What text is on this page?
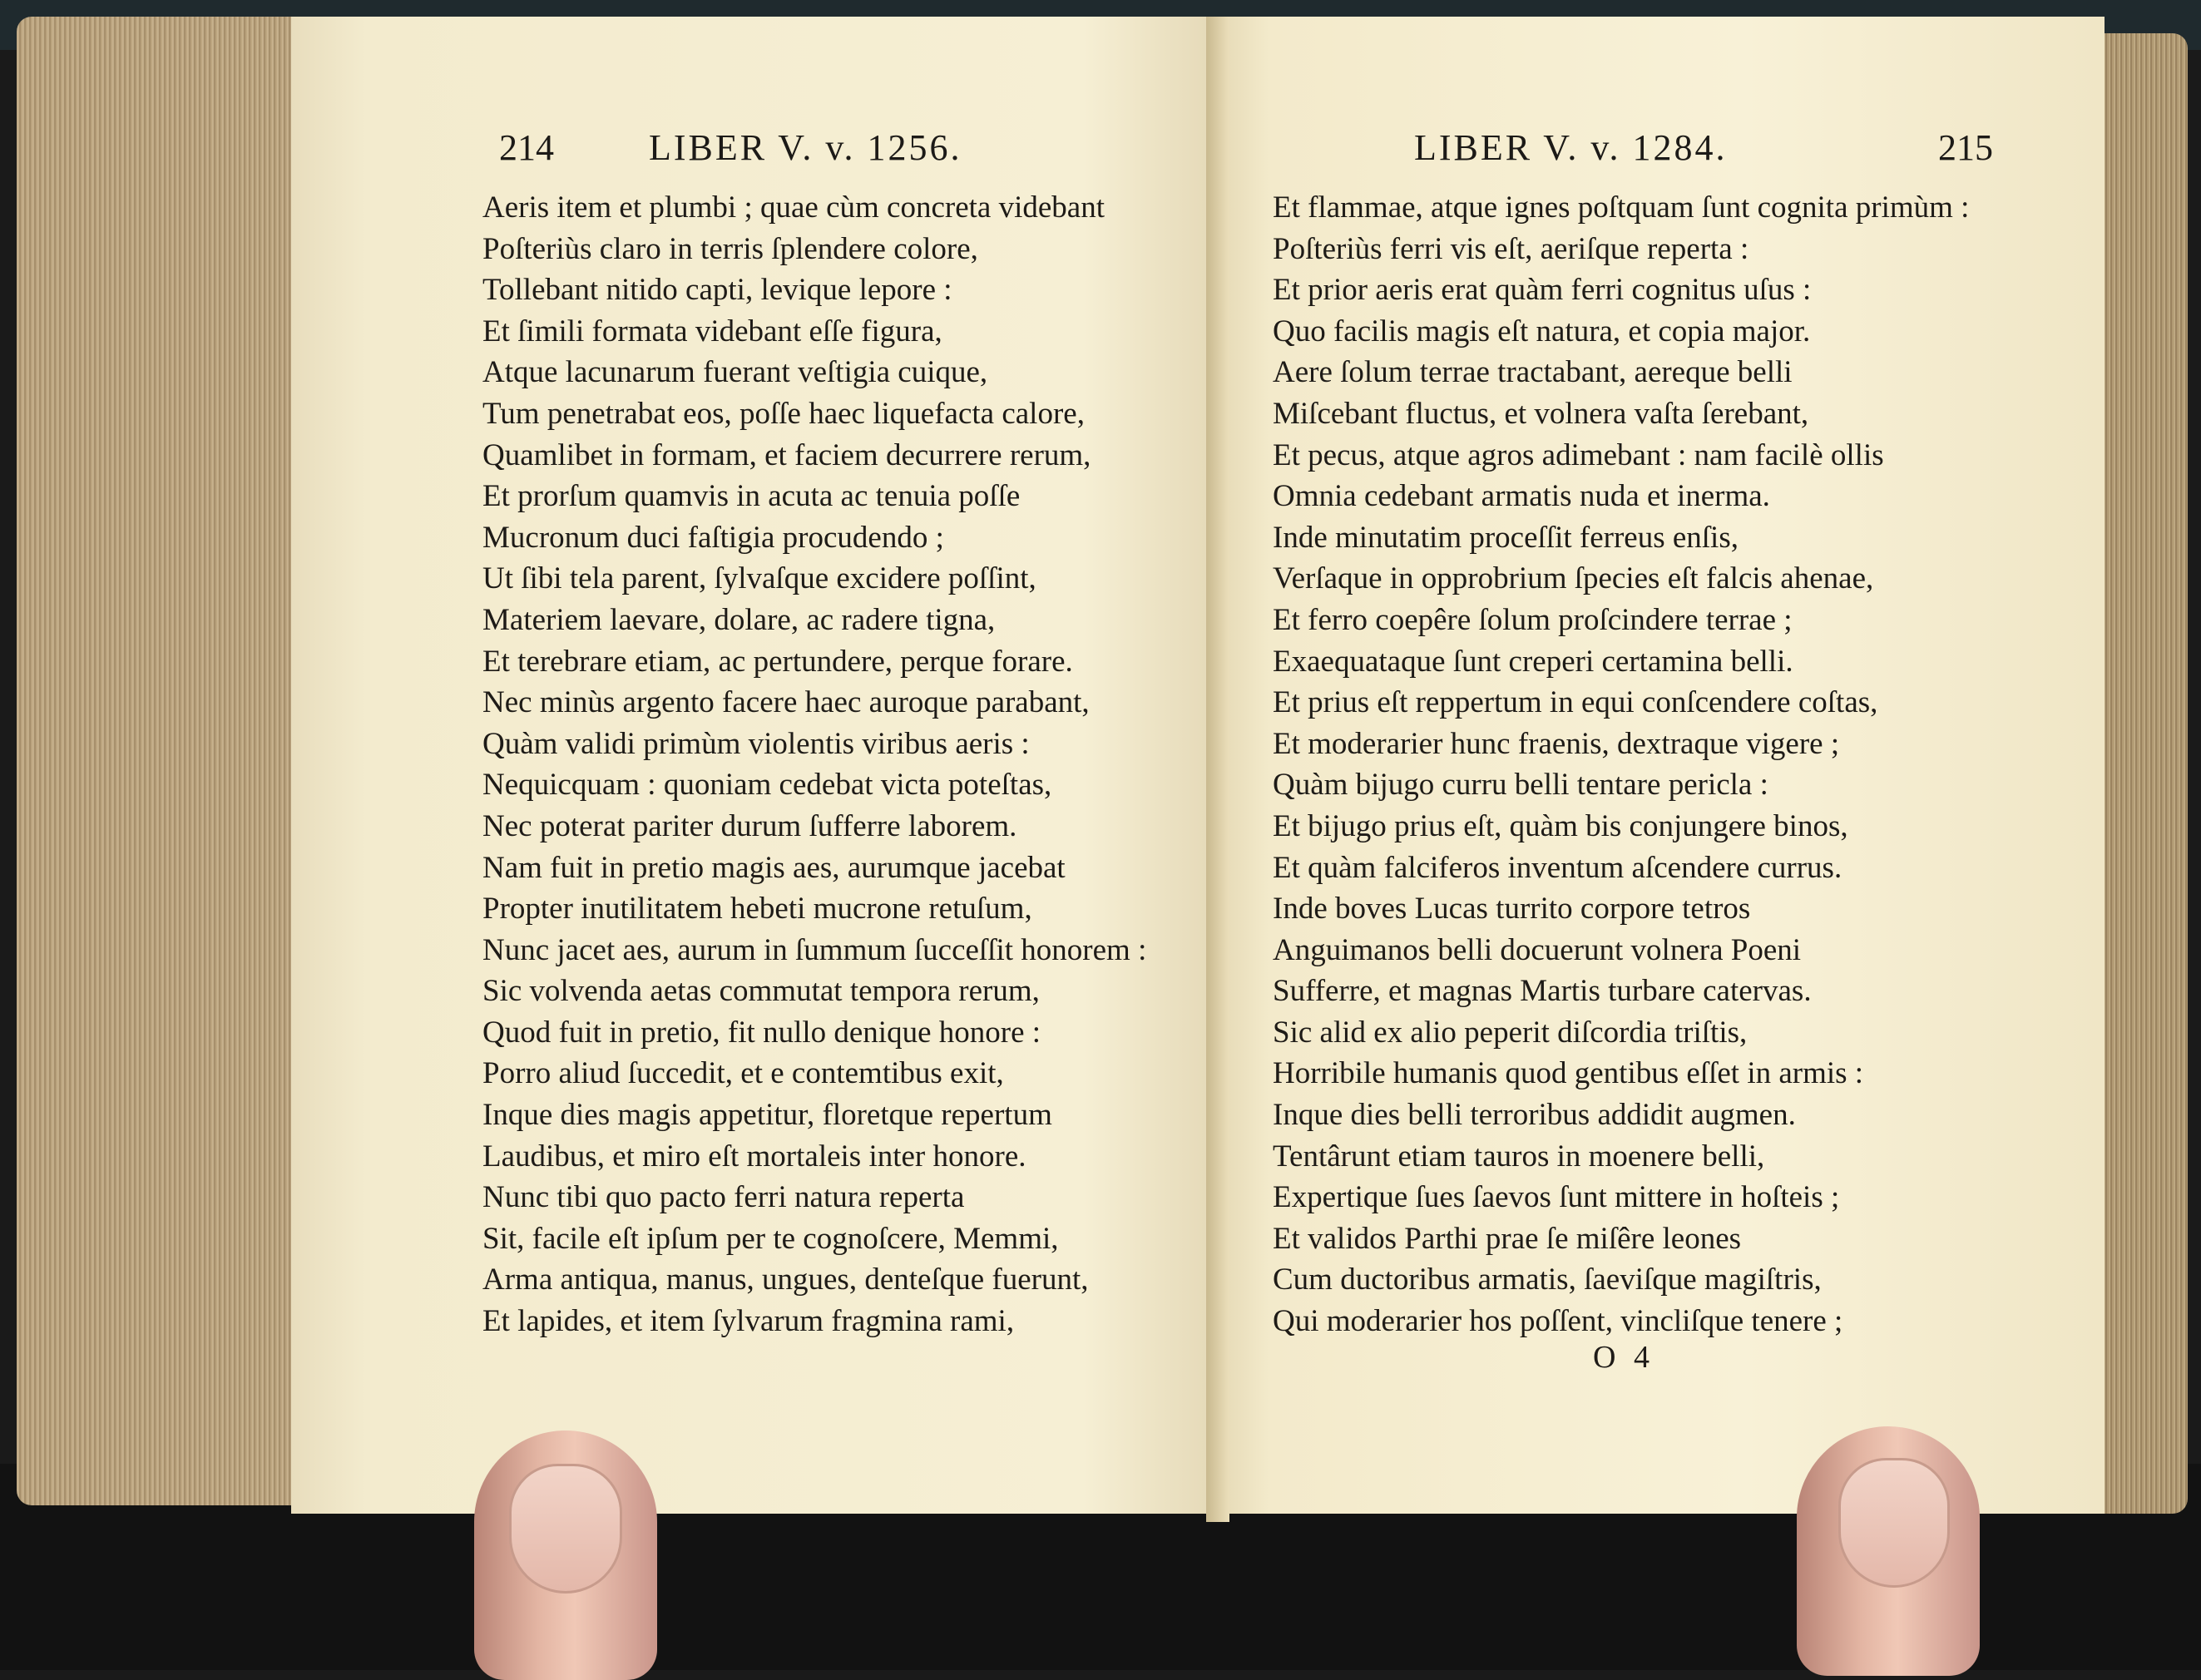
214	LIBER V. v. 1256.
Aeris item et plumbi ; quae cùm concreta videbant
Poſteriùs claro in terris ſplendere colore,
Tollebant nitido capti, levique lepore :
Et ſimili formata videbant eſſe figura,
Atque lacunarum fuerant veſtigia cuique,
Tum penetrabat eos, poſſe haec liquefacta calore,
Quamlibet in formam, et faciem decurrere rerum,
Et prorſum quamvis in acuta ac tenuia poſſe
Mucronum duci faſtigia procudendo ;
Ut ſibi tela parent, ſylvaſque excidere poſſint,
Materiem laevare, dolare, ac radere tigna,
Et terebrare etiam, ac pertundere, perque forare.
Nec minùs argento facere haec auroque parabant,
Quàm validi primùm violentis viribus aeris :
Nequicquam : quoniam cedebat victa poteſtas,
Nec poterat pariter durum ſufferre laborem.
Nam fuit in pretio magis aes, aurumque jacebat
Propter inutilitatem hebeti mucrone retuſum,
Nunc jacet aes, aurum in ſummum ſucceſſit honorem :
Sic volvenda aetas commutat tempora rerum,
Quod fuit in pretio, fit nullo denique honore :
Porro aliud ſuccedit, et e contemtibus exit,
Inque dies magis appetitur, floretque repertum
Laudibus, et miro eſt mortaleis inter honore.
Nunc tibi quo pacto ferri natura reperta
Sit, facile eſt ipſum per te cognoſcere, Memmi,
Arma antiqua, manus, ungues, denteſque fuerunt,
Et lapides, et item ſylvarum fragmina rami,
LIBER V. v. 1284.	215
Et flammae, atque ignes poſtquam ſunt cognita primùm :
Poſteriùs ferri vis eſt, aeriſque reperta :
Et prior aeris erat quàm ferri cognitus uſus :
Quo facilis magis eſt natura, et copia major.
Aere ſolum terrae tractabant, aereque belli
Miſcebant fluctus, et volnera vaſta ſerebant,
Et pecus, atque agros adimebant : nam facilè ollis
Omnia cedebant armatis nuda et inerma.
Inde minutatim proceſſit ferreus enſis,
Verſaque in opprobrium ſpecies eſt falcis ahenae,
Et ferro coepêre ſolum proſcindere terrae ;
Exaequataque ſunt creperi certamina belli.
Et prius eſt reppertum in equi conſcendere coſtas,
Et moderarier hunc fraenis, dextraque vigere ;
Quàm bijugo curru belli tentare pericla :
Et bijugo prius eſt, quàm bis conjungere binos,
Et quàm falciferos inventum aſcendere currus.
Inde boves Lucas turrito corpore tetros
Anguimanos belli docuerunt volnera Poeni
Sufferre, et magnas Martis turbare catervas.
Sic alid ex alio peperit diſcordia triſtis,
Horribile humanis quod gentibus eſſet in armis :
Inque dies belli terroribus addidit augmen.
Tentârunt etiam tauros in moenere belli,
Expertique ſues ſaevos ſunt mittere in hoſteis ;
Et validos Parthi prae ſe miſêre leones
Cum ductoribus armatis, ſaeviſque magiſtris,
Qui moderarier hos poſſent, vincliſque tenere ;
O 4
